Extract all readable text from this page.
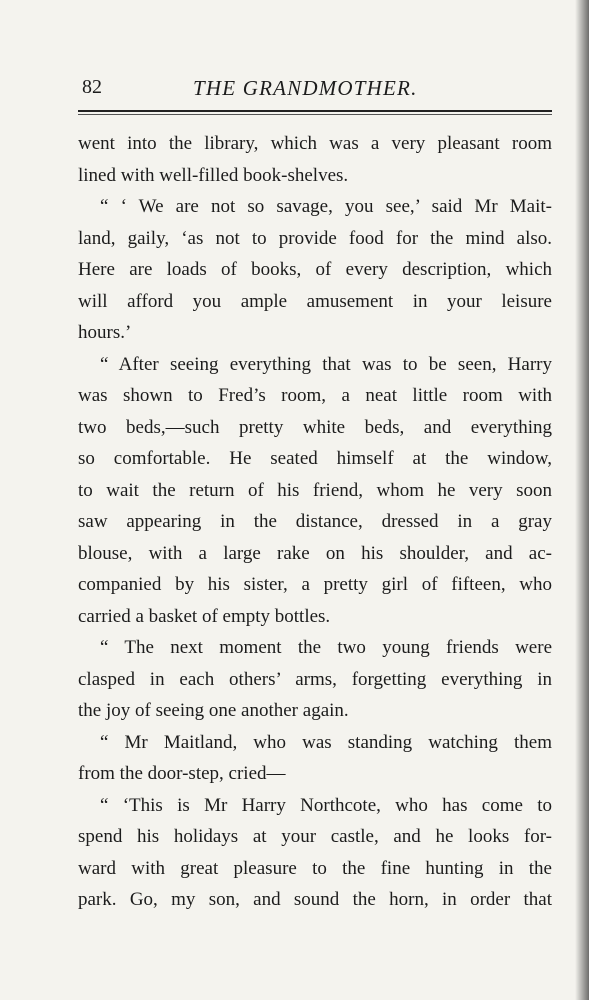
82	THE GRANDMOTHER.
went into the library, which was a very pleasant room
lined with well-filled book-shelves.
“ ‘ We are not so savage, you see,’ said Mr Mait-
land, gaily, ‘as not to provide food for the mind also.
Here are loads of books, of every description, which
will afford you ample amusement in your leisure
hours.’
“ After seeing everything that was to be seen, Harry
was shown to Fred’s room, a neat little room with
two beds,—such pretty white beds, and everything
so comfortable. He seated himself at the window,
to wait the return of his friend, whom he very soon
saw appearing in the distance, dressed in a gray
blouse, with a large rake on his shoulder, and ac-
companied by his sister, a pretty girl of fifteen, who
carried a basket of empty bottles.
“ The next moment the two young friends were
clasped in each others’ arms, forgetting everything in
the joy of seeing one another again.
“ Mr Maitland, who was standing watching them
from the door-step, cried—
“ ‘This is Mr Harry Northcote, who has come to
spend his holidays at your castle, and he looks for-
ward with great pleasure to the fine hunting in the
park. Go, my son, and sound the horn, in order that
